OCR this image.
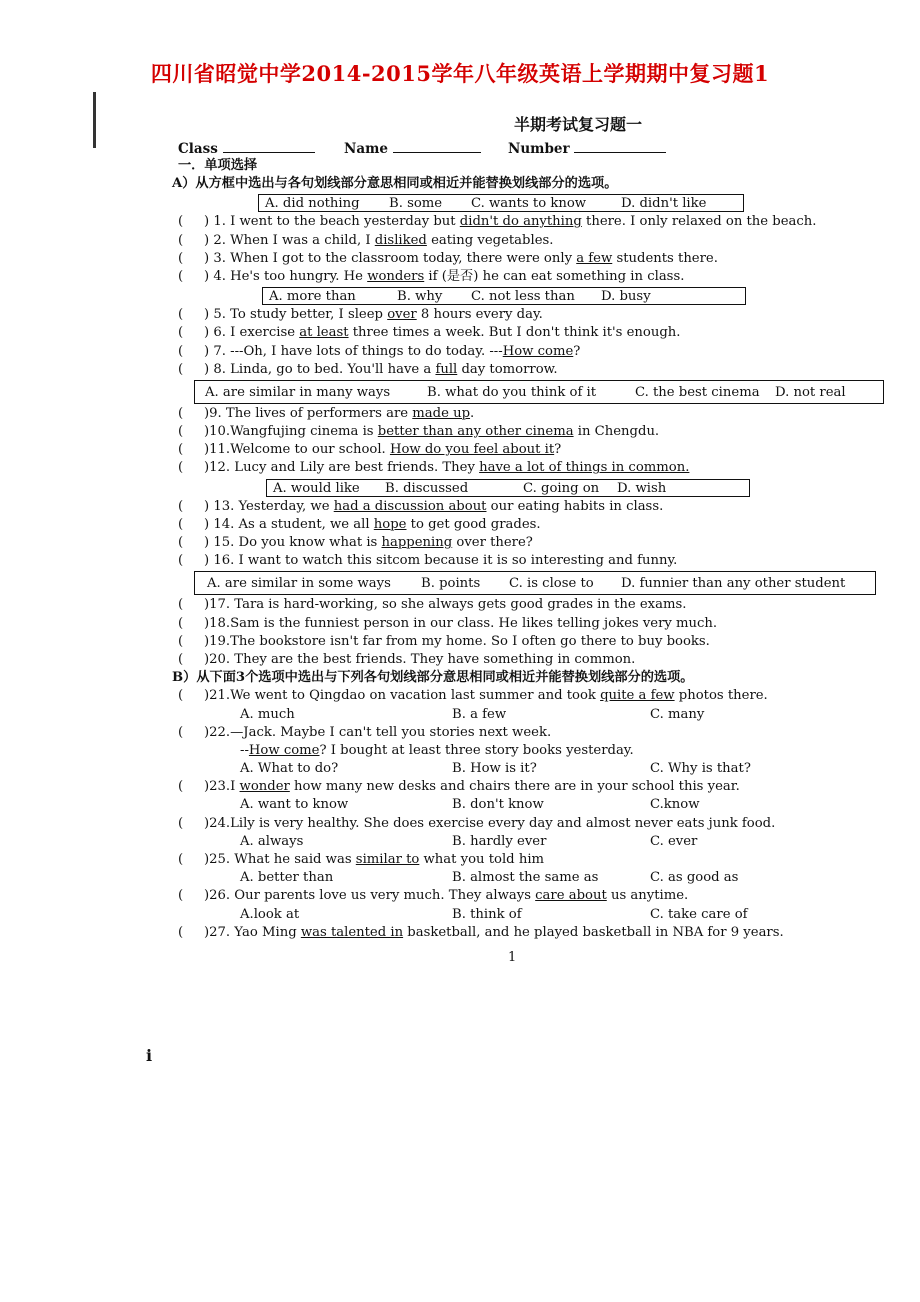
四川省昭觉中学2014-2015学年八年级英语上学期期中复习题1
半期考试复习题一
Class	Name	Number
一．单项选择
A）从方框中选出与各句划线部分意思相同或相近并能替换划线部分的选项。
A. did nothing B. some C. wants to know	D. didn't like
( ) 1. I went to the beach yesterday but didn't do anything there. I only relaxed on the beach.
( ) 2. When I was a child, I disliked eating vegetables.
( ) 3. When I got to the classroom today, there were only a few students there.
( ) 4. He's too hungry. He wonders if (是否) he can eat something in class.
A. more than	B. why C. not less than D. busy
( ) 5. To study better, I sleep over 8 hours every day.
( ) 6. I exercise at least three times a week. But I don't think it's enough.
( ) 7. ---Oh, I have lots of things to do today. ---How come?
( ) 8. Linda, go to bed. You'll have a full day tomorrow.
A. are similar in many ways	B. what do you think of it	C. the best cinema D. not real
( )9. The lives of performers are made up.
( )10.Wangfujing cinema is better than any other cinema in Chengdu.
( )11.Welcome to our school. How do you feel about it?
( )12. Lucy and Lily are best friends. They have a lot of things in common.
A. would like B. discussed	C. going on D. wish
( ) 13. Yesterday, we had a discussion about our eating habits in class.
( ) 14. As a student, we all hope to get good grades.
( ) 15. Do you know what is happening over there?
( ) 16. I want to watch this sitcom because it is so interesting and funny.
A. are similar in some ways B. points C. is close to D. funnier than any other student
( )17. Tara is hard-working, so she always gets good grades in the exams.
( )18.Sam is the funniest person in our class. He likes telling jokes very much.
( )19.The bookstore isn't far from my home. So I often go there to buy books.
( )20. They are the best friends. They have something in common.
B）从下面3个选项中选出与下列各句划线部分意思相同或相近并能替换划线部分的选项。
( )21.We went to Qingdao on vacation last summer and took quite a few photos there.
A. much	B. a few	C. many
( )22.—Jack. Maybe I can't tell you stories next week.
--How come? I bought at least three story books yesterday.
A. What to do?	B. How is it?	C. Why is that?
( )23.I wonder how many new desks and chairs there are in your school this year.
A. want to know	B. don't know	C.know
( )24.Lily is very healthy. She does exercise every day and almost never eats junk food.
A. always	B. hardly ever	C. ever
( )25. What he said was similar to what you told him
A. better than	B. almost the same as	C. as good as
( )26. Our parents love us very much. They always care about us anytime.
A.look at	B. think of	C. take care of
( )27. Yao Ming was talented in basketball, and he played basketball in NBA for 9 years.
1
i
